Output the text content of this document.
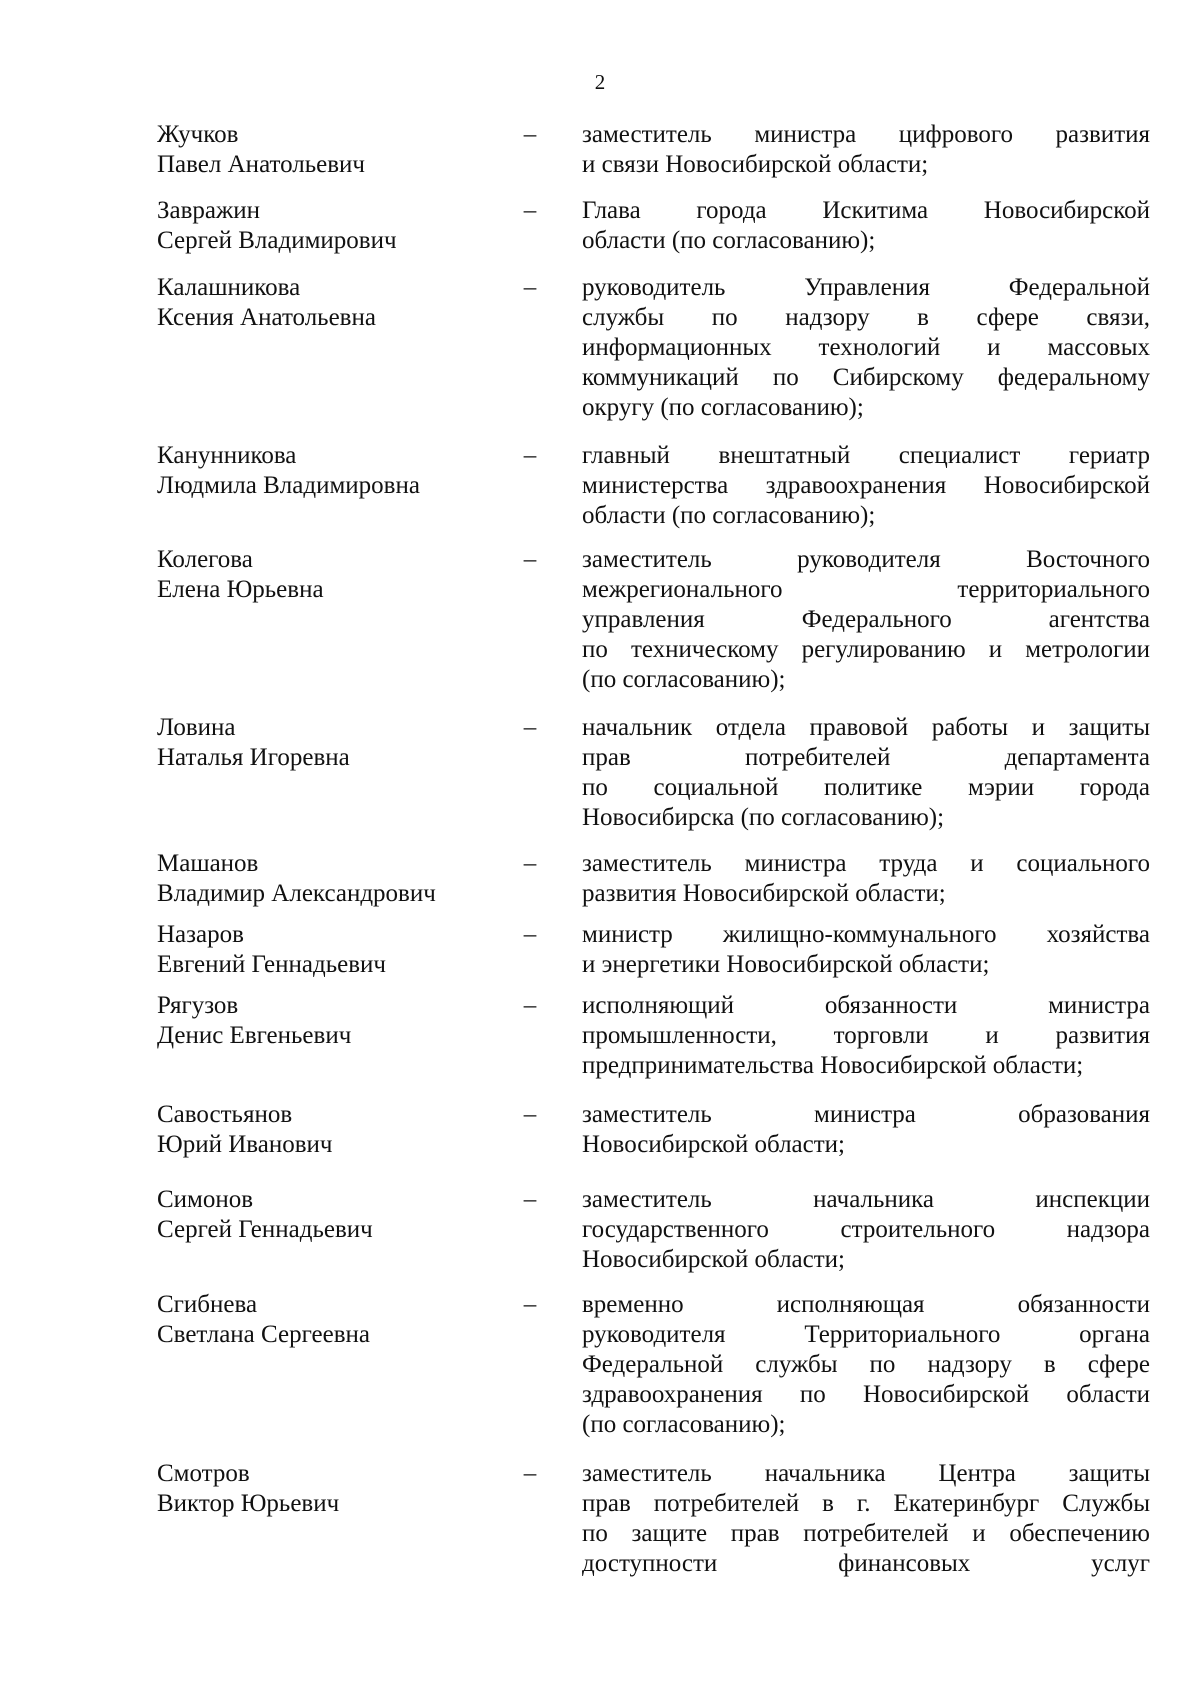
2
Жучков
Павел Анатольевич
– заместитель министра цифрового развития
и связи Новосибирской области;
Завражин
Сергей Владимирович
– Глава города Искитима Новосибирской
области (по согласованию);
Калашникова
Ксения Анатольевна
– руководитель Управления Федеральной
службы по надзору в сфере связи,
информационных технологий и массовых
коммуникаций по Сибирскому федеральному
округу (по согласованию);
Канунникова
Людмила Владимировна
– главный внештатный специалист гериатр
министерства здравоохранения Новосибирской
области (по согласованию);
Колегова
Елена Юрьевна
– заместитель руководителя Восточного
межрегионального территориального
управления Федерального агентства
по техническому регулированию и метрологии
(по согласованию);
Ловина
Наталья Игоревна
– начальник отдела правовой работы и защиты
прав потребителей департамента
по социальной политике мэрии города
Новосибирска (по согласованию);
Машанов
Владимир Александрович
– заместитель министра труда и социального
развития Новосибирской области;
Назаров
Евгений Геннадьевич
– министр жилищно-коммунального хозяйства
и энергетики Новосибирской области;
Рягузов
Денис Евгеньевич
– исполняющий обязанности министра
промышленности, торговли и развития
предпринимательства Новосибирской области;
Савостьянов
Юрий Иванович
– заместитель министра образования
Новосибирской области;
Симонов
Сергей Геннадьевич
– заместитель начальника инспекции
государственного строительного надзора
Новосибирской области;
Сгибнева
Светлана Сергеевна
– временно исполняющая обязанности
руководителя Территориального органа
Федеральной службы по надзору в сфере
здравоохранения по Новосибирской области
(по согласованию);
Смотров
Виктор Юрьевич
– заместитель начальника Центра защиты
прав потребителей в г. Екатеринбург Службы
по защите прав потребителей и обеспечению
доступности финансовых услуг
